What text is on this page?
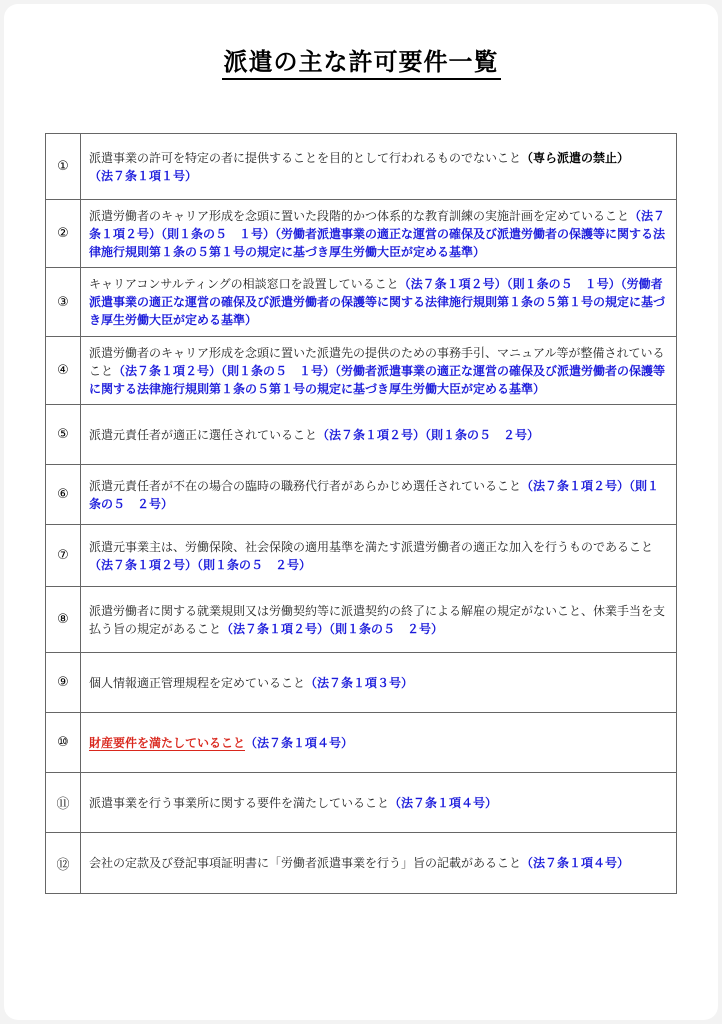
派遣の主な許可要件一覧
①	派遣事業の許可を特定の者に提供することを目的として行われるものでないこと（専ら派遣の禁止）
（法７条１項１号）
②	派遣労働者のキャリア形成を念頭に置いた段階的かつ体系的な教育訓練の実施計画を定めていること（法７条１項２号）（則１条の５　１号）（労働者派遣事業の適正な運営の確保及び派遣労働者の保護等に関する法律施行規則第１条の５第１号の規定に基づき厚生労働大臣が定める基準）
③	キャリアコンサルティングの相談窓口を設置していること（法７条１項２号）（則１条の５　１号）（労働者派遣事業の適正な運営の確保及び派遣労働者の保護等に関する法律施行規則第１条の５第１号の規定に基づき厚生労働大臣が定める基準）
④	派遣労働者のキャリア形成を念頭に置いた派遣先の提供のための事務手引、マニュアル等が整備されていること（法７条１項２号）（則１条の５　１号）（労働者派遣事業の適正な運営の確保及び派遣労働者の保護等に関する法律施行規則第１条の５第１号の規定に基づき厚生労働大臣が定める基準）
⑤	派遣元責任者が適正に選任されていること（法７条１項２号）（則１条の５　２号）
⑥	派遣元責任者が不在の場合の臨時の職務代行者があらかじめ選任されていること（法７条１項２号）（則１条の５　２号）
⑦	派遣元事業主は、労働保険、社会保険の適用基準を満たす派遣労働者の適正な加入を行うものであること（法７条１項２号）（則１条の５　２号）
⑧	派遣労働者に関する就業規則又は労働契約等に派遣契約の終了による解雇の規定がないこと、休業手当を支払う旨の規定があること（法７条１項２号）（則１条の５　２号）
⑨	個人情報適正管理規程を定めていること（法７条１項３号）
⑩	財産要件を満たしていること（法７条１項４号）
⑪	派遣事業を行う事業所に関する要件を満たしていること（法７条１項４号）
⑫	会社の定款及び登記事項証明書に「労働者派遣事業を行う」旨の記載があること（法７条１項４号）
